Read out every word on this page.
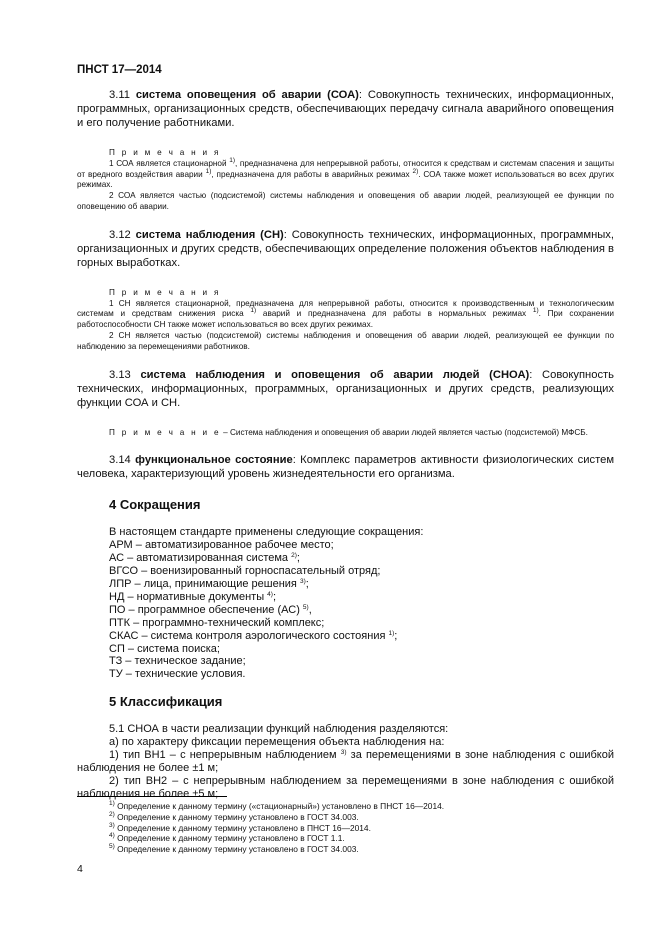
ПНСТ 17—2014

3.11 система оповещения об аварии (СОА): Совокупность технических, информационных, программных, организационных средств, обеспечивающих передачу сигнала аварийного оповещения и его получение работниками.

П р и м е ч а н и я

1 СОА является стационарной $^{1)}$, предназначена для непрерывной работы, относится к средствам и системам спасения и защиты от вредного воздействия аварии $^{1)}$, предназначена для работы в аварийных режимах $^{2)}$. СОА также может использоваться во всех других режимах.

2 СОА является частью (подсистемой) системы наблюдения и оповещения об аварии людей, реализующей ее функции по оповещению об аварии.

3.12 система наблюдения (СН): Совокупность технических, информационных, программных, организационных и других средств, обеспечивающих определение положения объектов наблюдения в горных выработках.

П р и м е ч а н и я

1 СН является стационарной, предназначена для непрерывной работы, относится к производственным и технологическим системам и средствам снижения риска $^{1)}$ аварий и предназначена для работы в нормальных режимах $^{1)}$. При сохранении работоспособности СН также может использоваться во всех других режимах.

2 СН является частью (подсистемой) системы наблюдения и оповещения об аварии людей, реализующей ее функции по наблюдению за перемещениями работников.

3.13 система наблюдения и оповещения об аварии людей (СНОА): Совокупность технических, информационных, программных, организационных и других средств, реализующих функции СОА и СН.

П р и м е ч а н и е – Система наблюдения и оповещения об аварии людей является частью (подсистемой) МФСБ.

3.14 функциональное состояние: Комплекс параметров активности физиологических систем человека, характеризующий уровень жизнедеятельности его организма.

4 Сокращения

В настоящем стандарте применены следующие сокращения:

АРМ – автоматизированное рабочее место;

АС – автоматизированная система $^{2)}$;

ВГСО – военизированный горноспасательный отряд;

ЛПР – лица, принимающие решения $^{3)}$;

НД – нормативные документы $^{4)}$;

ПО – программное обеспечение (АС) $^{5)}$,

ПТК – программно-технический комплекс;

СКАС – система контроля аэрологического состояния $^{1)}$;

СП – система поиска;

ТЗ – техническое задание;

ТУ – технические условия.

5 Классификация

5.1 СНОА в части реализации функций наблюдения разделяются:

а) по характеру фиксации перемещения объекта наблюдения на:

1) тип ВН1 – с непрерывным наблюдением $^{3)}$ за перемещениями в зоне наблюдения с ошибкой наблюдения не более ±1 м;

2) тип ВН2 – с непрерывным наблюдением за перемещениями в зоне наблюдения с ошибкой наблюдения не более ±5 м;

$^{1)}$ Определение к данному термину («стационарный») установлено в ПНСТ 16—2014.
$^{2)}$ Определение к данному термину установлено в ГОСТ 34.003.
$^{3)}$ Определение к данному термину установлено в ПНСТ 16—2014.
$^{4)}$ Определение к данному термину установлено в ГОСТ 1.1.
$^{5)}$ Определение к данному термину установлено в ГОСТ 34.003.
4
